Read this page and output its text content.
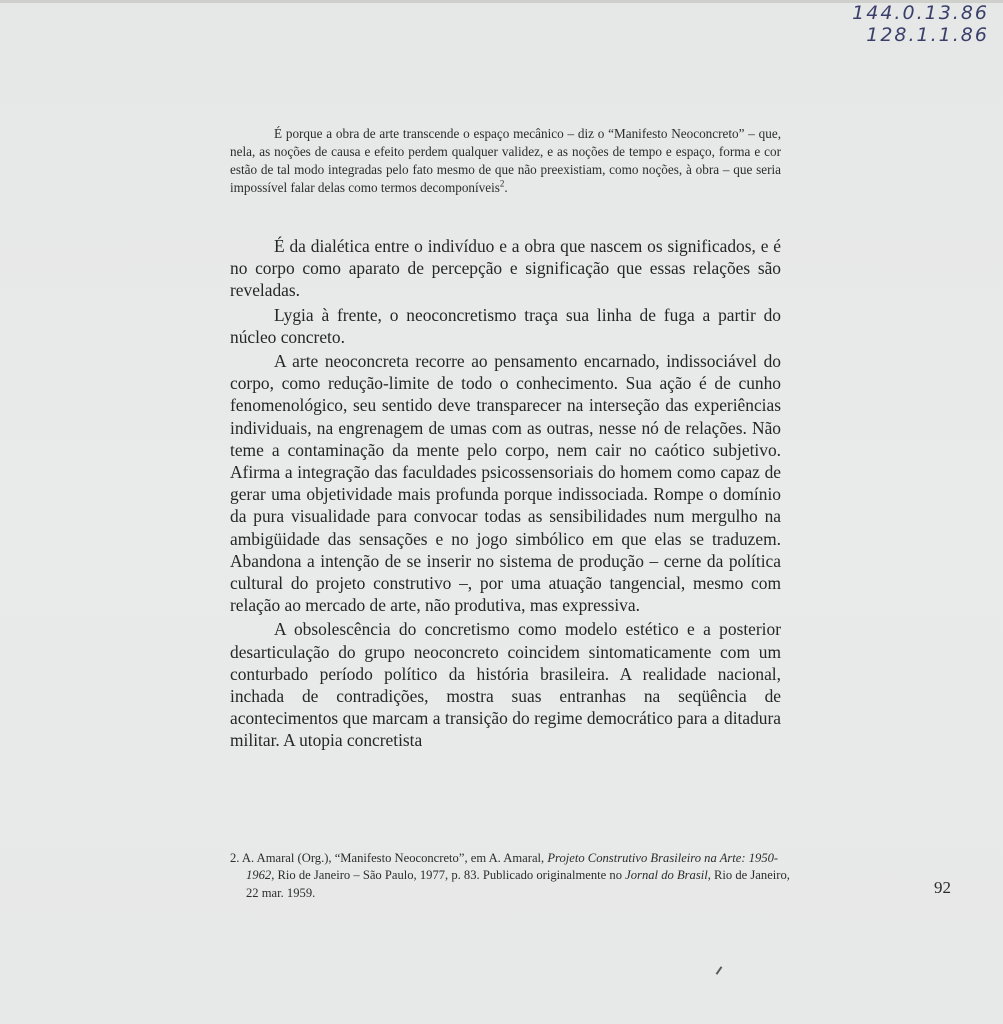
144.0.13.86
128.1.1.86

É porque a obra de arte transcende o espaço mecânico – diz o “Manifesto Neoconcreto” – que, nela, as noções de causa e efeito perdem qualquer validez, e as noções de tempo e espaço, forma e cor estão de tal modo integradas pelo fato mesmo de que não preexistiam, como noções, à obra – que seria impossível falar delas como termos decomponíveis$^2$.

É da dialética entre o indivíduo e a obra que nascem os significados, e é no corpo como aparato de percepção e significação que essas relações são reveladas.

Lygia à frente, o neoconcretismo traça sua linha de fuga a partir do núcleo concreto.

A arte neoconcreta recorre ao pensamento encarnado, indissociável do corpo, como redução-limite de todo o conhecimento. Sua ação é de cunho fenomenológico, seu sentido deve transparecer na interseção das experiências individuais, na engrenagem de umas com as outras, nesse nó de relações. Não teme a contaminação da mente pelo corpo, nem cair no caótico subjetivo. Afirma a integração das faculdades psicossensoriais do homem como capaz de gerar uma objetividade mais profunda porque indissociada. Rompe o domínio da pura visualidade para convocar todas as sensibilidades num mergulho na ambigüidade das sensações e no jogo simbólico em que elas se traduzem. Abandona a intenção de se inserir no sistema de produção – cerne da política cultural do projeto construtivo –, por uma atuação tangencial, mesmo com relação ao mercado de arte, não produtiva, mas expressiva.

A obsolescência do concretismo como modelo estético e a posterior desarticulação do grupo neoconcreto coincidem sintomaticamente com um conturbado período político da história brasileira. A realidade nacional, inchada de contradições, mostra suas entranhas na seqüência de acontecimentos que marcam a transição do regime democrático para a ditadura militar. A utopia concretista

2. A. Amaral (Org.), “Manifesto Neoconcreto”, em A. Amaral, Projeto Construtivo Brasileiro na Arte: 1950-1962, Rio de Janeiro – São Paulo, 1977, p. 83. Publicado originalmente no Jornal do Brasil, Rio de Janeiro, 22 mar. 1959.	92
